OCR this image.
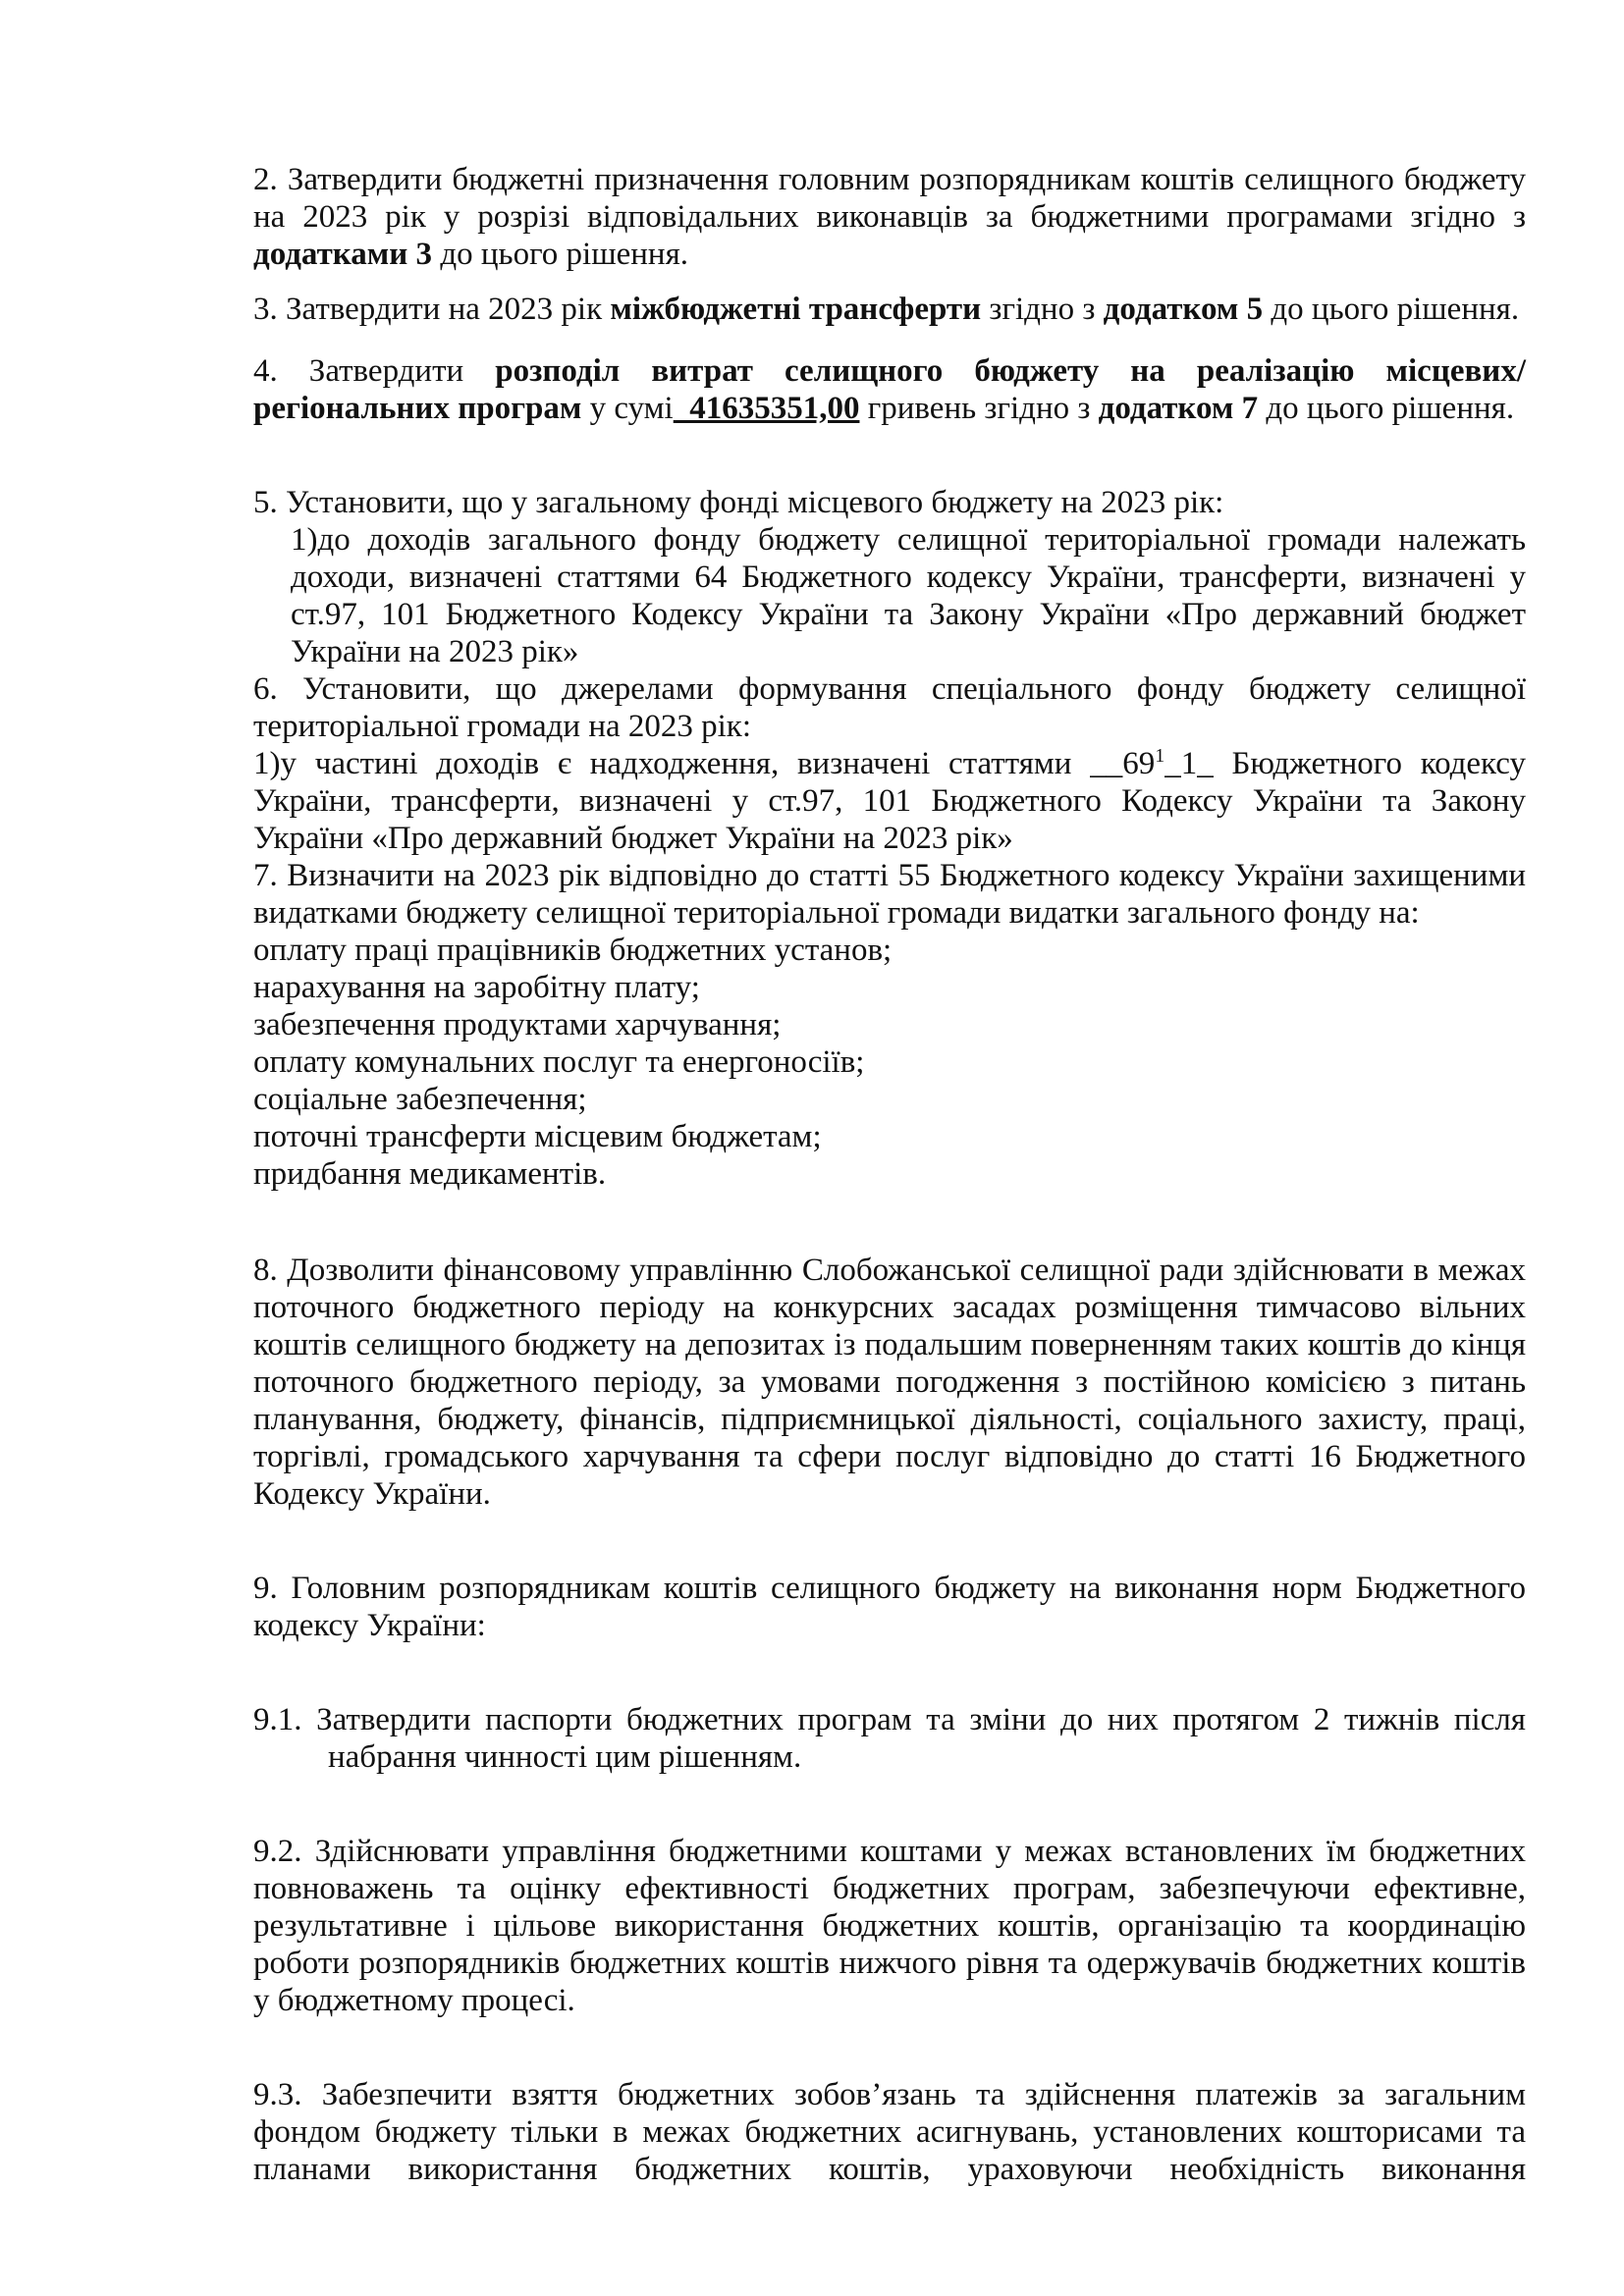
2. Затвердити бюджетні призначення головним розпорядникам коштів селищного бюджету на 2023 рік у розрізі відповідальних виконавців за бюджетними програмами згідно з додатками 3 до цього рішення.

3. Затвердити на 2023 рік міжбюджетні трансферти згідно з додатком 5 до цього рішення.

4. Затвердити розподіл витрат селищного бюджету на реалізацію місцевих/регіональних програм у сумі  41635351,00 гривень згідно з додатком 7 до цього рішення.

5. Установити, що у загальному фонді місцевого бюджету на 2023 рік:

1)до доходів загального фонду бюджету селищної територіальної громади належать доходи, визначені статтями 64 Бюджетного кодексу України, трансферти, визначені у ст.97, 101 Бюджетного Кодексу України та Закону України «Про державний бюджет України на 2023 рік»

6. Установити, що джерелами формування спеціального фонду бюджету селищної територіальної громади на 2023 рік:

1)у частині доходів є надходження, визначені статтями $\_\_69^1\_1\_$ Бюджетного кодексу України, трансферти, визначені у ст.97, 101 Бюджетного Кодексу України та Закону України «Про державний бюджет України на 2023 рік»

7. Визначити на 2023 рік відповідно до статті 55 Бюджетного кодексу України захищеними видатками бюджету селищної територіальної громади видатки загального фонду на:

оплату праці працівників бюджетних установ;

нарахування на заробітну плату;

забезпечення продуктами харчування;

оплату комунальних послуг та енергоносіїв;

соціальне забезпечення;

поточні трансферти місцевим бюджетам;

придбання медикаментів.

8. Дозволити фінансовому управлінню Слобожанської селищної ради здійснювати в межах поточного бюджетного періоду на конкурсних засадах розміщення тимчасово вільних коштів селищного бюджету на депозитах із подальшим поверненням таких коштів до кінця поточного бюджетного періоду, за умовами погодження з постійною комісією з питань планування, бюджету, фінансів, підприємницької діяльності, соціального захисту, праці, торгівлі, громадського харчування та сфери послуг відповідно до статті 16 Бюджетного Кодексу України.

9. Головним розпорядникам коштів селищного бюджету на виконання норм Бюджетного кодексу України:

9.1. Затвердити паспорти бюджетних програм та зміни до них протягом 2 тижнів після набрання чинності цим рішенням.

9.2. Здійснювати управління бюджетними коштами у межах встановлених їм бюджетних повноважень та оцінку ефективності бюджетних програм, забезпечуючи ефективне, результативне і цільове використання бюджетних коштів, організацію та координацію роботи розпорядників бюджетних коштів нижчого рівня та одержувачів бюджетних коштів у бюджетному процесі.

9.3. Забезпечити взяття бюджетних зобов’язань та здійснення платежів за загальним фондом бюджету тільки в межах бюджетних асигнувань, установлених кошторисами та планами використання бюджетних коштів, ураховуючи необхідність виконання
